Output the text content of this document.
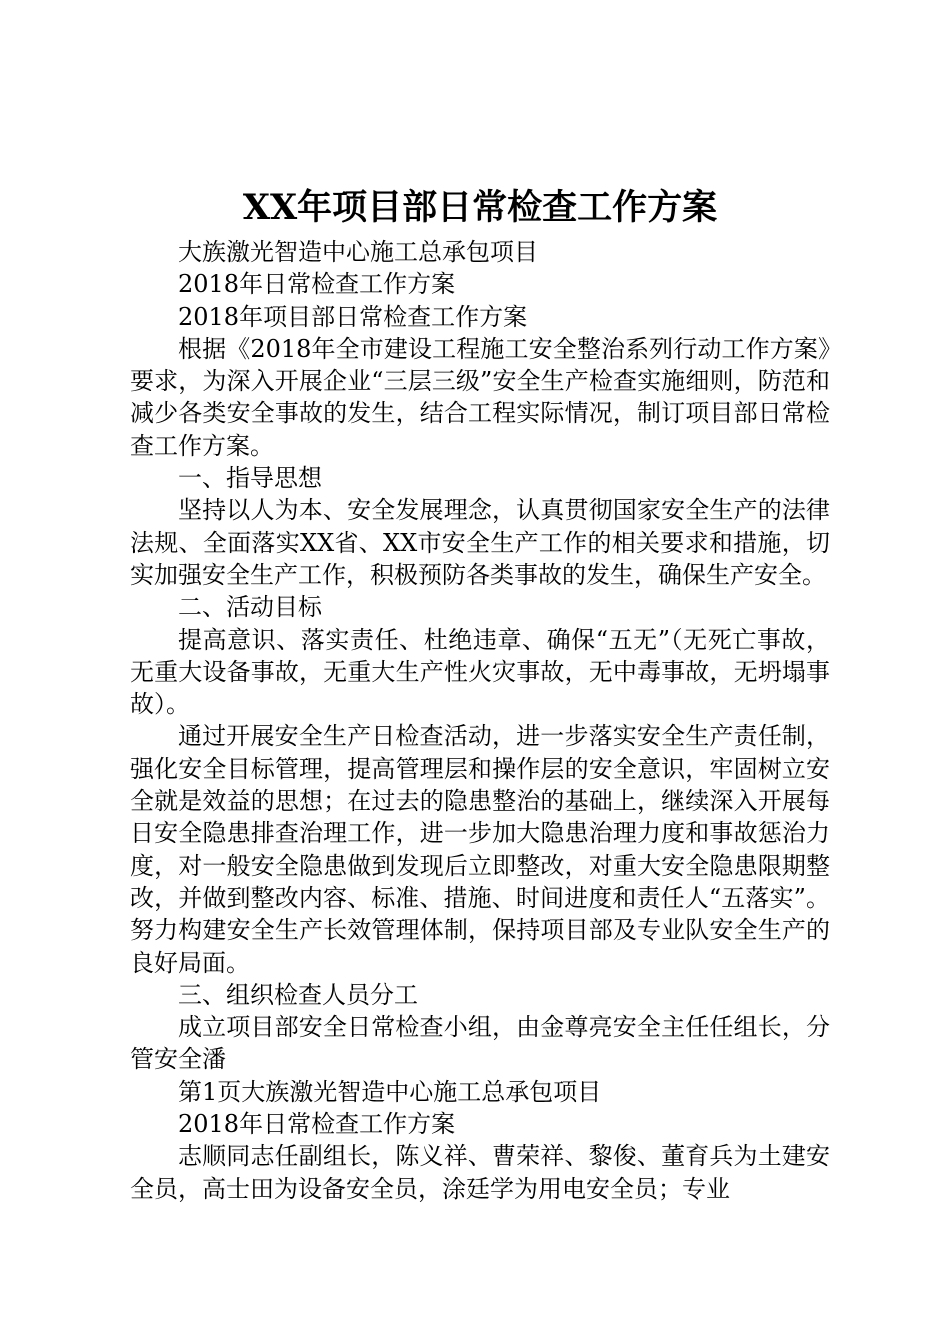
XX年项目部日常检查工作方案

大族激光智造中心施工总承包项目

2018年日常检查工作方案

2018年项目部日常检查工作方案

根据《2018年全市建设工程施工安全整治系列行动工作方案》要求，为深入开展企业“三层三级”安全生产检查实施细则，防范和减少各类安全事故的发生，结合工程实际情况，制订项目部日常检查工作方案。

一、指导思想

坚持以人为本、安全发展理念，认真贯彻国家安全生产的法律法规、全面落实XX省、XX市安全生产工作的相关要求和措施，切实加强安全生产工作，积极预防各类事故的发生，确保生产安全。

二、活动目标

提高意识、落实责任、杜绝违章、确保“五无”（无死亡事故，无重大设备事故，无重大生产性火灾事故，无中毒事故，无坍塌事故）。

通过开展安全生产日检查活动，进一步落实安全生产责任制，强化安全目标管理，提高管理层和操作层的安全意识，牢固树立安全就是效益的思想；在过去的隐患整治的基础上，继续深入开展每日安全隐患排查治理工作，进一步加大隐患治理力度和事故惩治力度，对一般安全隐患做到发现后立即整改，对重大安全隐患限期整改，并做到整改内容、标准、措施、时间进度和责任人“五落实”。努力构建安全生产长效管理体制，保持项目部及专业队安全生产的良好局面。

三、组织检查人员分工

成立项目部安全日常检查小组，由金尊亮安全主任任组长，分管安全潘

第1页大族激光智造中心施工总承包项目

2018年日常检查工作方案

志顺同志任副组长，陈义祥、曹荣祥、黎俊、董育兵为土建安全员，高士田为设备安全员，涂廷学为用电安全员；专业
